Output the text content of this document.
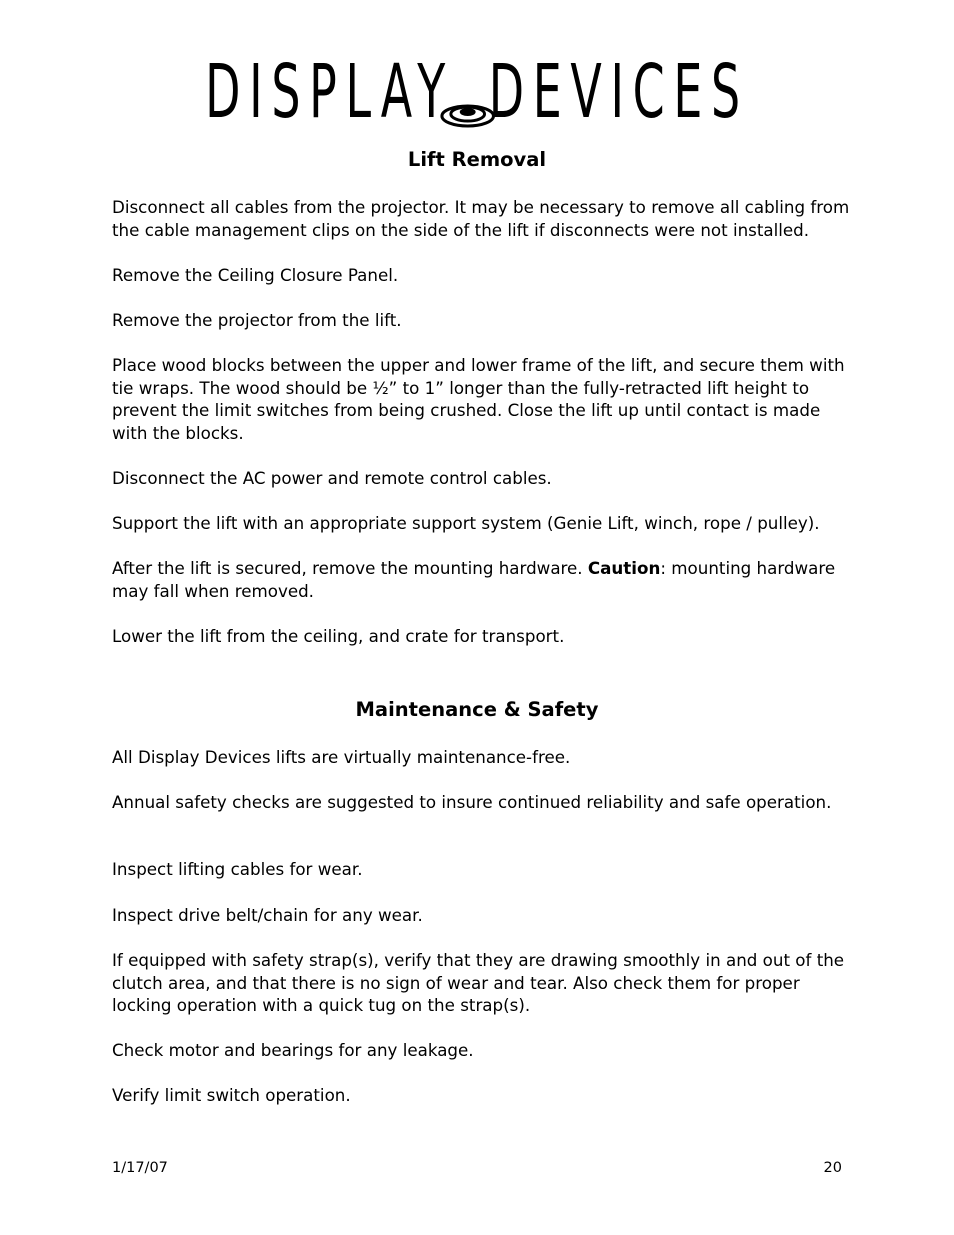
DISPLAY DEVICES
Lift Removal

Disconnect all cables from the projector. It may be necessary to remove all cabling from the cable management clips on the side of the lift if disconnects were not installed.

Remove the Ceiling Closure Panel.

Remove the projector from the lift.

Place wood blocks between the upper and lower frame of the lift, and secure them with tie wraps. The wood should be ½” to 1” longer than the fully-retracted lift height to prevent the limit switches from being crushed. Close the lift up until contact is made with the blocks.

Disconnect the AC power and remote control cables.

Support the lift with an appropriate support system (Genie Lift, winch, rope / pulley).

After the lift is secured, remove the mounting hardware. Caution: mounting hardware may fall when removed.

Lower the lift from the ceiling, and crate for transport.

Maintenance & Safety

All Display Devices lifts are virtually maintenance-free.

Annual safety checks are suggested to insure continued reliability and safe operation.

Inspect lifting cables for wear.

Inspect drive belt/chain for any wear.

If equipped with safety strap(s), verify that they are drawing smoothly in and out of the clutch area, and that there is no sign of wear and tear. Also check them for proper locking operation with a quick tug on the strap(s).

Check motor and bearings for any leakage.

Verify limit switch operation.

1/17/07	20
